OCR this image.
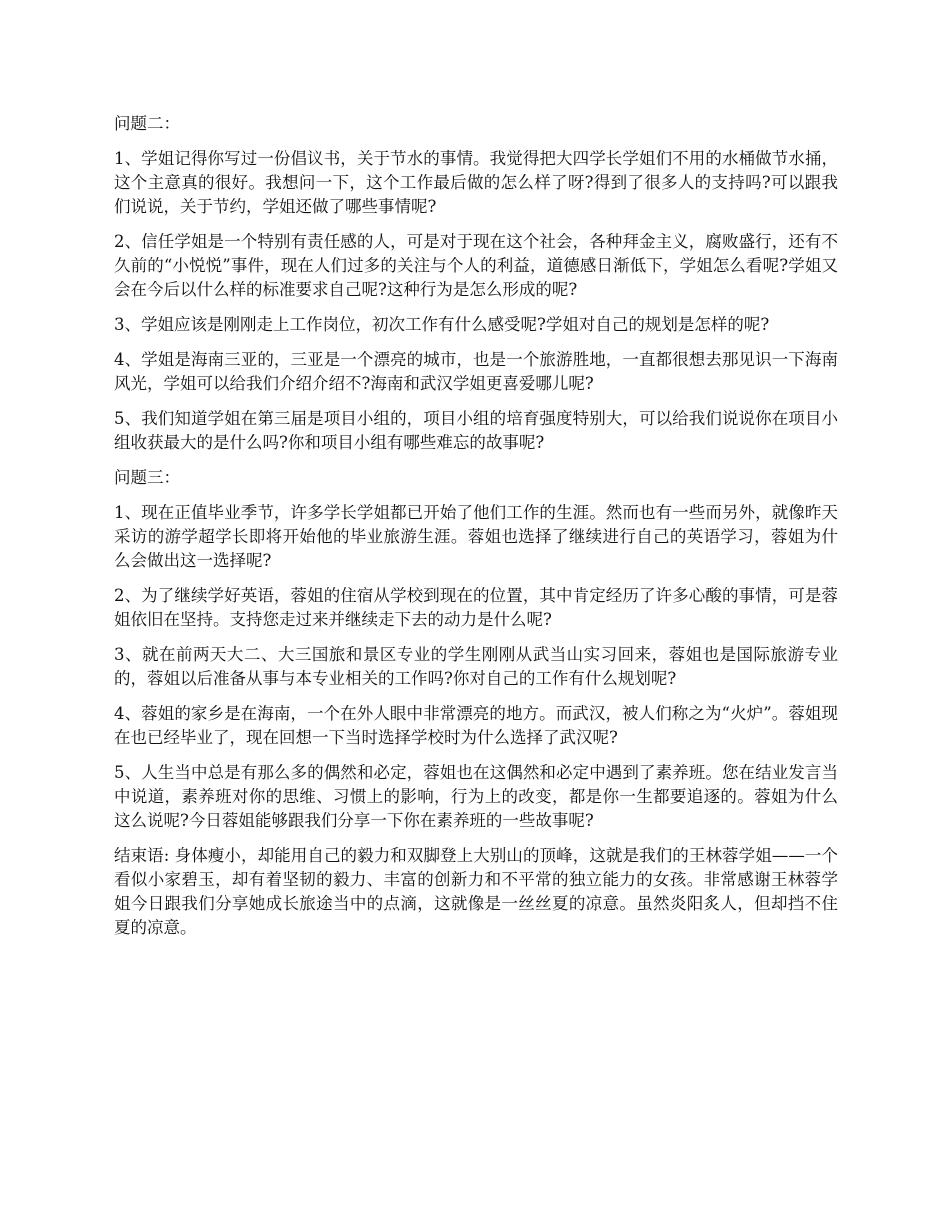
问题二：

1、学姐记得你写过一份倡议书，关于节水的事情。我觉得把大四学长学姐们不用的水桶做节水捅，这个主意真的很好。我想问一下，这个工作最后做的怎么样了呀?得到了很多人的支持吗?可以跟我们说说，关于节约，学姐还做了哪些事情呢?

2、信任学姐是一个特别有责任感的人，可是对于现在这个社会，各种拜金主义，腐败盛行，还有不久前的“小悦悦”事件，现在人们过多的关注与个人的利益，道德感日渐低下，学姐怎么看呢?学姐又会在今后以什么样的标准要求自己呢?这种行为是怎么形成的呢?

3、学姐应该是刚刚走上工作岗位，初次工作有什么感受呢?学姐对自己的规划是怎样的呢?

4、学姐是海南三亚的，三亚是一个漂亮的城市，也是一个旅游胜地，一直都很想去那见识一下海南风光，学姐可以给我们介绍介绍不?海南和武汉学姐更喜爱哪儿呢?

5、我们知道学姐在第三届是项目小组的，项目小组的培育强度特别大，可以给我们说说你在项目小组收获最大的是什么吗?你和项目小组有哪些难忘的故事呢?

问题三：

1、现在正值毕业季节，许多学长学姐都已开始了他们工作的生涯。然而也有一些而另外，就像昨天采访的游学超学长即将开始他的毕业旅游生涯。蓉姐也选择了继续进行自己的英语学习，蓉姐为什么会做出这一选择呢?

2、为了继续学好英语，蓉姐的住宿从学校到现在的位置，其中肯定经历了许多心酸的事情，可是蓉姐依旧在坚持。支持您走过来并继续走下去的动力是什么呢?

3、就在前两天大二、大三国旅和景区专业的学生刚刚从武当山实习回来，蓉姐也是国际旅游专业的，蓉姐以后准备从事与本专业相关的工作吗?你对自己的工作有什么规划呢?

4、蓉姐的家乡是在海南，一个在外人眼中非常漂亮的地方。而武汉，被人们称之为“火炉”。蓉姐现在也已经毕业了，现在回想一下当时选择学校时为什么选择了武汉呢?

5、人生当中总是有那么多的偶然和必定，蓉姐也在这偶然和必定中遇到了素养班。您在结业发言当中说道，素养班对你的思维、习惯上的影响，行为上的改变，都是你一生都要追逐的。蓉姐为什么这么说呢?今日蓉姐能够跟我们分享一下你在素养班的一些故事呢?

结束语: 身体瘦小，却能用自己的毅力和双脚登上大别山的顶峰，这就是我们的王林蓉学姐——一个看似小家碧玉，却有着坚韧的毅力、丰富的创新力和不平常的独立能力的女孩。非常感谢王林蓉学姐今日跟我们分享她成长旅途当中的点滴，这就像是一丝丝夏的凉意。虽然炎阳炙人，但却挡不住夏的凉意。
